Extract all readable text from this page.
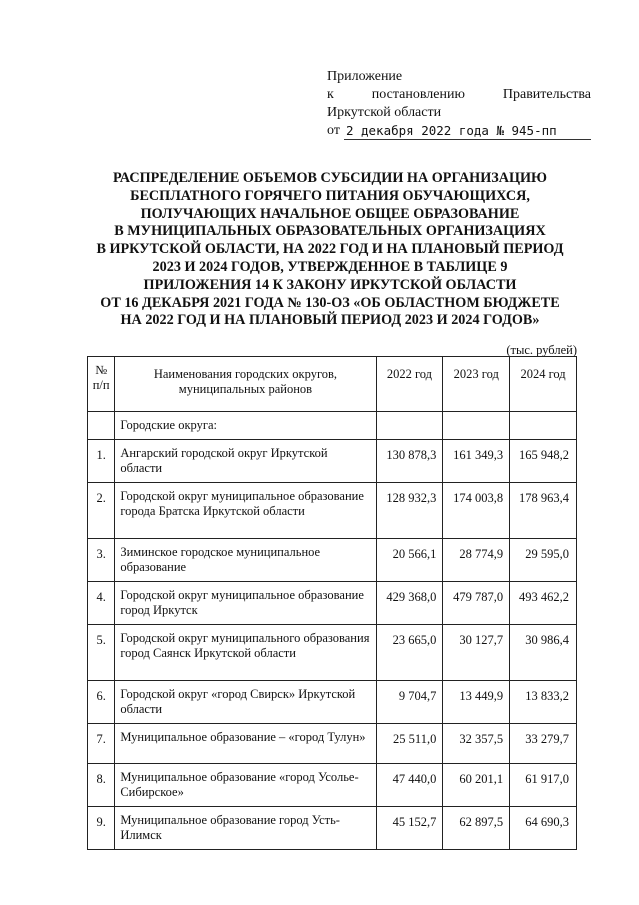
Приложение
к	постановлению	Правительства
Иркутской области
от 2 декабря 2022 года № 945-пп
РАСПРЕДЕЛЕНИЕ ОБЪЕМОВ СУБСИДИИ НА ОРГАНИЗАЦИЮ
БЕСПЛАТНОГО ГОРЯЧЕГО ПИТАНИЯ ОБУЧАЮЩИХСЯ,
ПОЛУЧАЮЩИХ НАЧАЛЬНОЕ ОБЩЕЕ ОБРАЗОВАНИЕ
В МУНИЦИПАЛЬНЫХ ОБРАЗОВАТЕЛЬНЫХ ОРГАНИЗАЦИЯХ
В ИРКУТСКОЙ ОБЛАСТИ, НА 2022 ГОД И НА ПЛАНОВЫЙ ПЕРИОД
2023 И 2024 ГОДОВ, УТВЕРЖДЕННОЕ В ТАБЛИЦЕ 9
ПРИЛОЖЕНИЯ 14 К ЗАКОНУ ИРКУТСКОЙ ОБЛАСТИ
ОТ 16 ДЕКАБРЯ 2021 ГОДА № 130-ОЗ «ОБ ОБЛАСТНОМ БЮДЖЕТЕ
НА 2022 ГОД И НА ПЛАНОВЫЙ ПЕРИОД 2023 И 2024 ГОДОВ»
(тыс. рублей)
№ п/п	Наименования городских округов, муниципальных районов	2022 год	2023 год	2024 год
	Городские округа:			
1.	Ангарский городской округ Иркутской области	130 878,3	161 349,3	165 948,2
2.	Городской округ муниципальное образование города Братска Иркутской области	128 932,3	174 003,8	178 963,4
3.	Зиминское городское муниципальное образование	20 566,1	28 774,9	29 595,0
4.	Городской округ муниципальное образование город Иркутск	429 368,0	479 787,0	493 462,2
5.	Городской округ муниципального образования город Саянск Иркутской области	23 665,0	30 127,7	30 986,4
6.	Городской округ «город Свирск» Иркутской области	9 704,7	13 449,9	13 833,2
7.	Муниципальное образование – «город Тулун»	25 511,0	32 357,5	33 279,7
8.	Муниципальное образование «город Усолье-Сибирское»	47 440,0	60 201,1	61 917,0
9.	Муниципальное образование город Усть-Илимск	45 152,7	62 897,5	64 690,3
